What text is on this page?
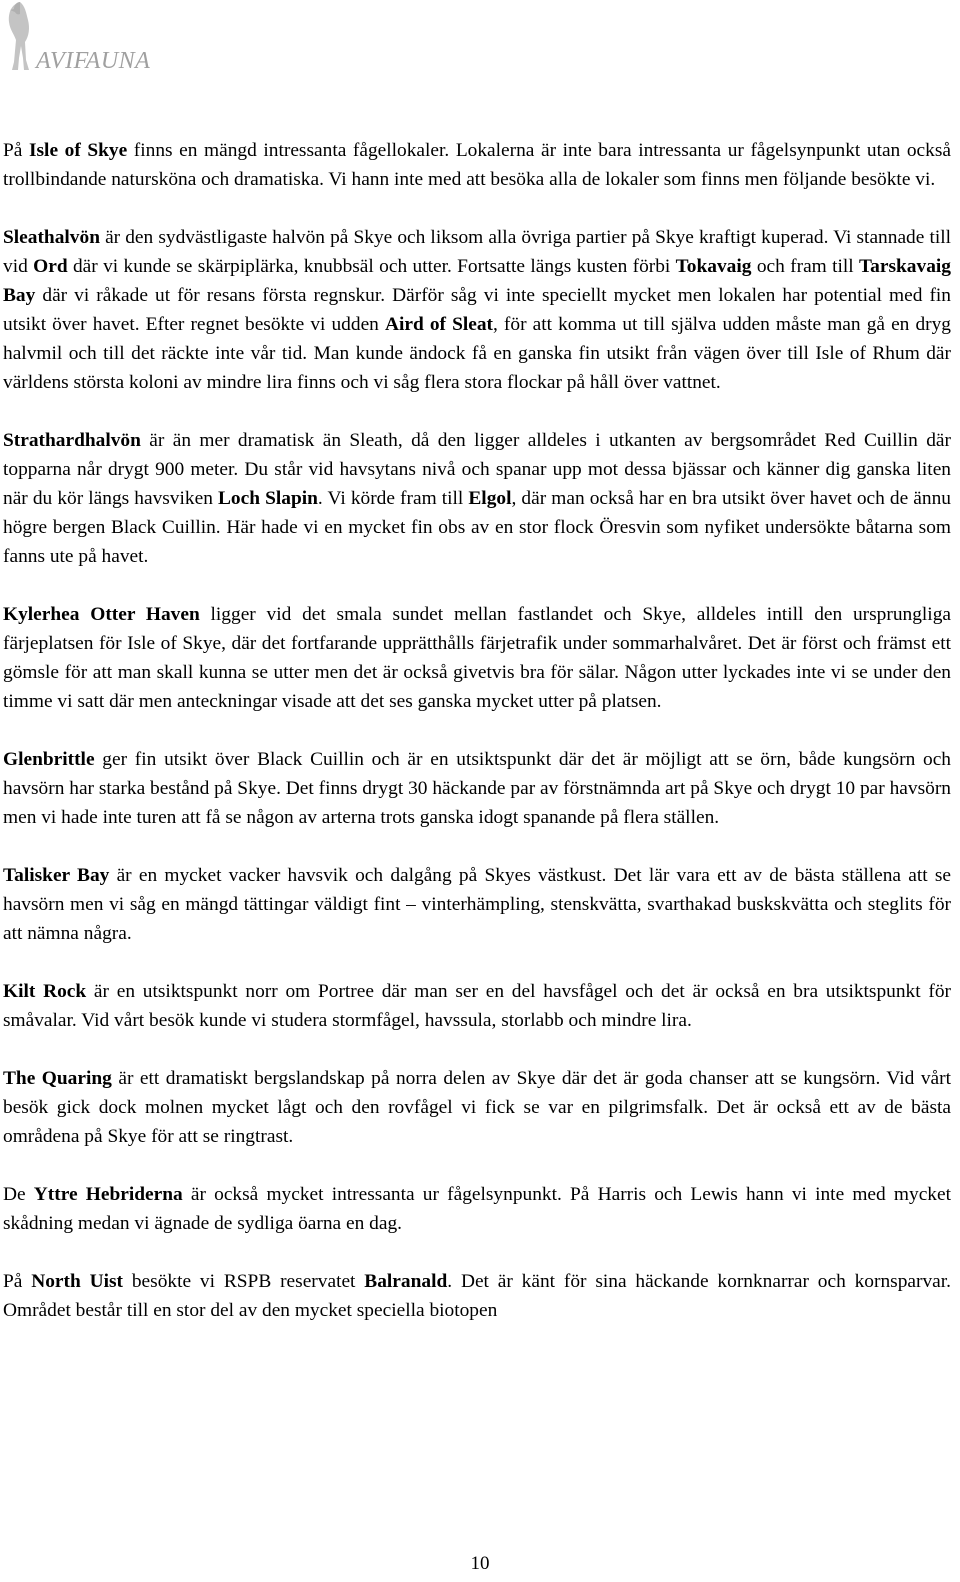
AVIFAUNA

På Isle of Skye finns en mängd intressanta fågellokaler. Lokalerna är inte bara intressanta ur fågelsynpunkt utan också trollbindande natursköna och dramatiska. Vi hann inte med att besöka alla de lokaler som finns men följande besökte vi.

Sleathalvön är den sydvästligaste halvön på Skye och liksom alla övriga partier på Skye kraftigt kuperad. Vi stannade till vid Ord där vi kunde se skärpiplärka, knubbsäl och utter. Fortsatte längs kusten förbi Tokavaig och fram till Tarskavaig Bay där vi råkade ut för resans första regnskur. Därför såg vi inte speciellt mycket men lokalen har potential med fin utsikt över havet. Efter regnet besökte vi udden Aird of Sleat, för att komma ut till själva udden måste man gå en dryg halvmil och till det räckte inte vår tid. Man kunde ändock få en ganska fin utsikt från vägen över till Isle of Rhum där världens största koloni av mindre lira finns och vi såg flera stora flockar på håll över vattnet.

Strathardhalvön är än mer dramatisk än Sleath, då den ligger alldeles i utkanten av bergsområdet Red Cuillin där topparna når drygt 900 meter. Du står vid havsytans nivå och spanar upp mot dessa bjässar och känner dig ganska liten när du kör längs havsviken Loch Slapin. Vi körde fram till Elgol, där man också har en bra utsikt över havet och de ännu högre bergen Black Cuillin. Här hade vi en mycket fin obs av en stor flock Öresvin som nyfiket undersökte båtarna som fanns ute på havet.

Kylerhea Otter Haven ligger vid det smala sundet mellan fastlandet och Skye, alldeles intill den ursprungliga färjeplatsen för Isle of Skye, där det fortfarande upprätthålls färjetrafik under sommarhalvåret. Det är först och främst ett gömsle för att man skall kunna se utter men det är också givetvis bra för sälar. Någon utter lyckades inte vi se under den timme vi satt där men anteckningar visade att det ses ganska mycket utter på platsen.

Glenbrittle ger fin utsikt över Black Cuillin och är en utsiktspunkt där det är möjligt att se örn, både kungsörn och havsörn har starka bestånd på Skye. Det finns drygt 30 häckande par av förstnämnda art på Skye och drygt 10 par havsörn men vi hade inte turen att få se någon av arterna trots ganska idogt spanande på flera ställen.

Talisker Bay är en mycket vacker havsvik och dalgång på Skyes västkust. Det lär vara ett av de bästa ställena att se havsörn men vi såg en mängd tättingar väldigt fint – vinterhämpling, stenskvätta, svarthakad buskskvätta och steglits för att nämna några.

Kilt Rock är en utsiktspunkt norr om Portree där man ser en del havsfågel och det är också en bra utsiktspunkt för småvalar. Vid vårt besök kunde vi studera stormfågel, havssula, storlabb och mindre lira.

The Quaring är ett dramatiskt bergslandskap på norra delen av Skye där det är goda chanser att se kungsörn. Vid vårt besök gick dock molnen mycket lågt och den rovfågel vi fick se var en pilgrimsfalk. Det är också ett av de bästa områdena på Skye för att se ringtrast.

De Yttre Hebriderna är också mycket intressanta ur fågelsynpunkt. På Harris och Lewis hann vi inte med mycket skådning medan vi ägnade de sydliga öarna en dag.

På North Uist besökte vi RSPB reservatet Balranald. Det är känt för sina häckande kornknarrar och kornsparvar. Området består till en stor del av den mycket speciella biotopen

10
